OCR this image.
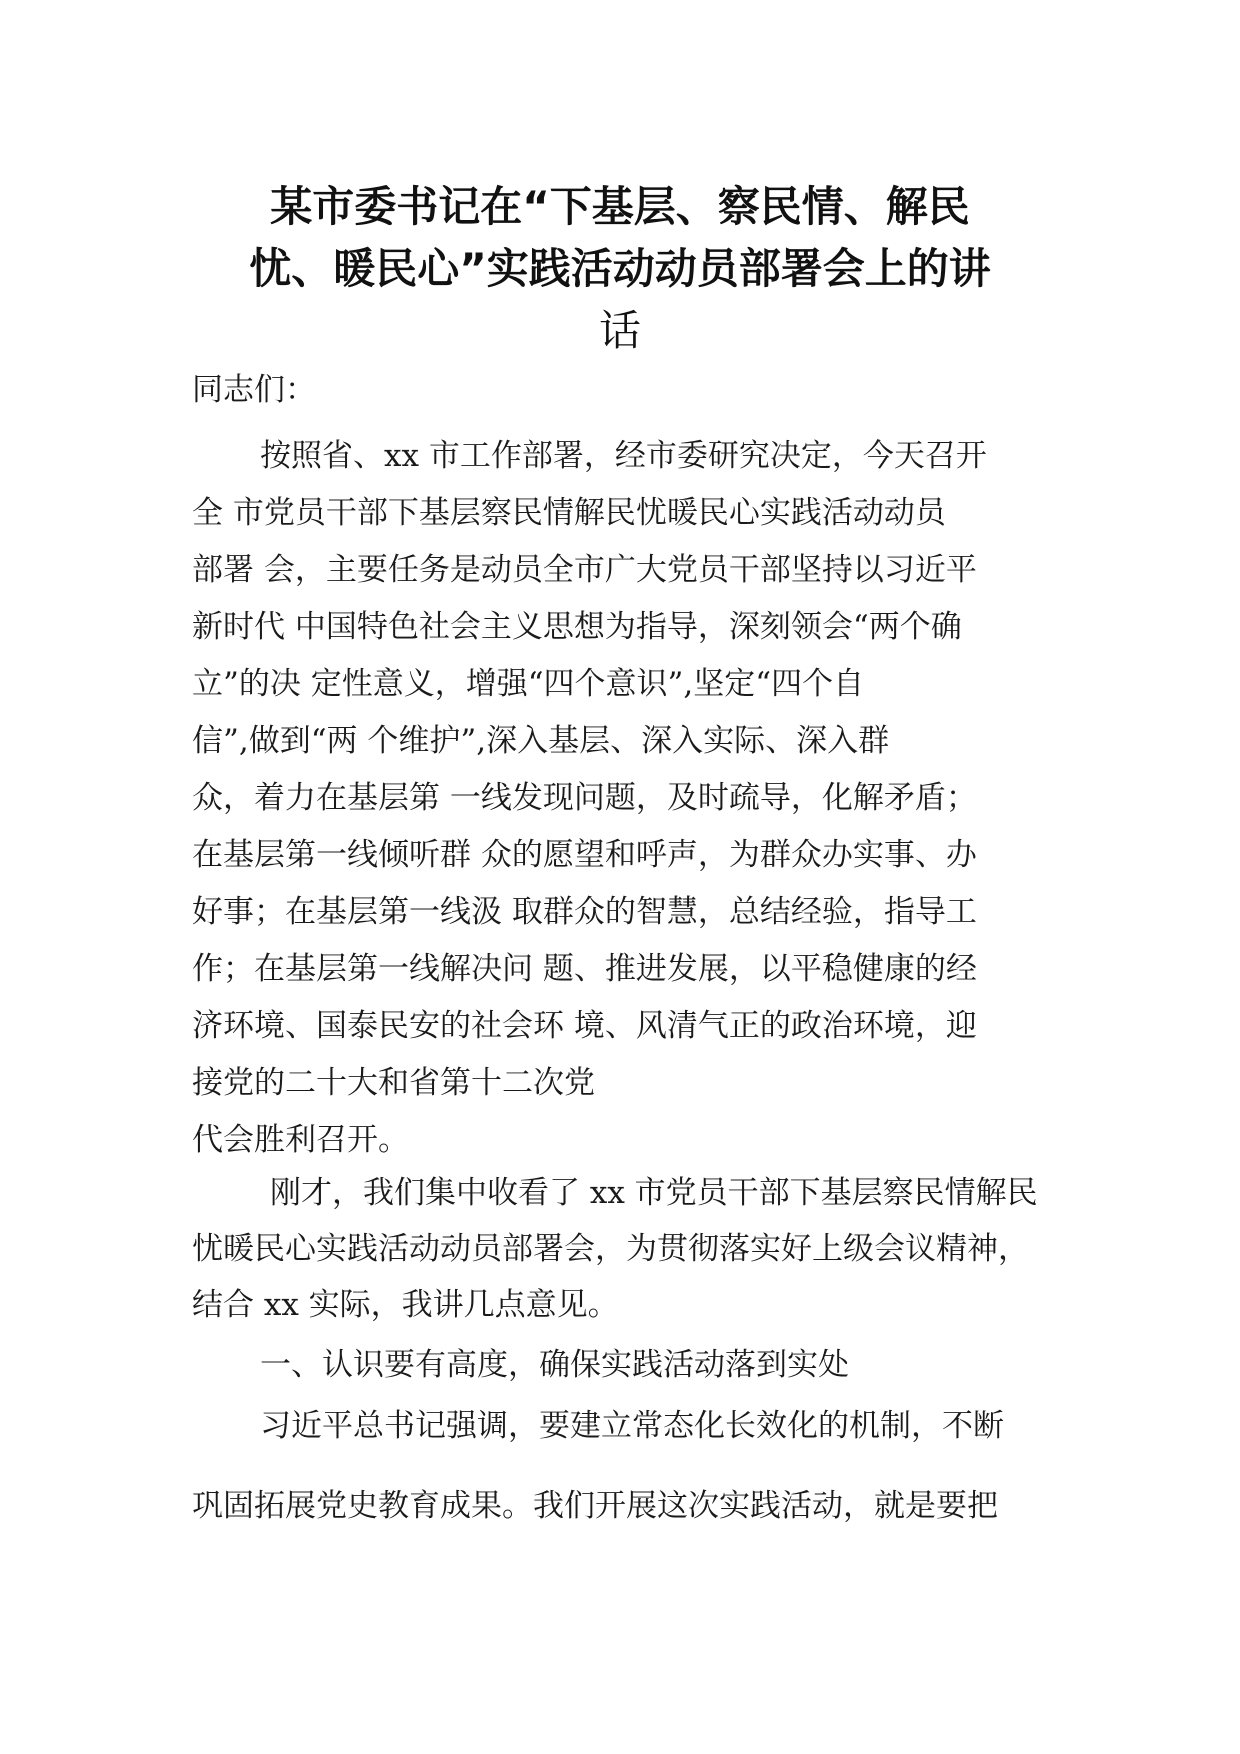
某市委书记在“下基层、察民情、解民
忧、暖民心”实践活动动员部署会上的讲
话

同志们：

按照省、xx 市工作部署，经市委研究决定，今天召开
全 市党员干部下基层察民情解民忧暖民心实践活动动员
部署 会，主要任务是动员全市广大党员干部坚持以习近平
新时代 中国特色社会主义思想为指导，深刻领会“两个确
立”的决 定性意义，增强“四个意识”,坚定“四个自
信”,做到“两 个维护”,深入基层、深入实际、深入群
众，着力在基层第 一线发现问题，及时疏导，化解矛盾；
在基层第一线倾听群 众的愿望和呼声，为群众办实事、办
好事；在基层第一线汲 取群众的智慧，总结经验，指导工
作；在基层第一线解决问 题、推进发展，以平稳健康的经
济环境、国泰民安的社会环 境、风清气正的政治环境，迎
接党的二十大和省第十二次党
代会胜利召开。

刚才，我们集中收看了 xx 市党员干部下基层察民情解民
忧暖民心实践活动动员部署会，为贯彻落实好上级会议精神，
结合 xx 实际，我讲几点意见。

一、认识要有高度，确保实践活动落到实处

习近平总书记强调，要建立常态化长效化的机制，不断
巩固拓展党史教育成果。我们开展这次实践活动，就是要把
